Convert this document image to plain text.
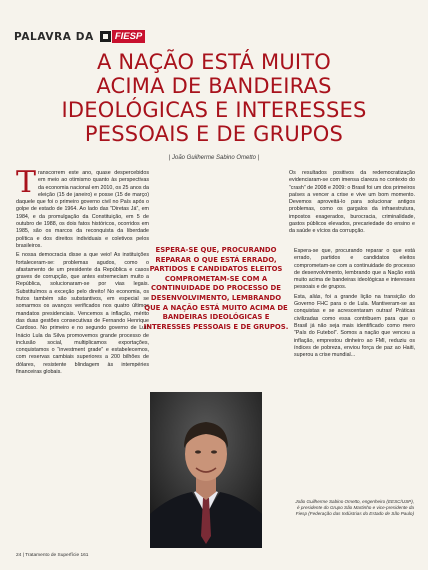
PALAVRA DA	FIESP
A NAÇÃO ESTÁ MUITO
ACIMA DE BANDEIRAS
IDEOLÓGICAS E INTERESSES
PESSOAIS E DE GRUPOS
| João Guilherme Sabino Ometto |
T ranscorrem este ano, quase despercebidos em meio ao otimismo quanto às perspectivas da economia nacional em 2010, os 25 anos da eleição (15 de janeiro) e posse (15 de março) daquele que foi o primeiro governo civil no País após o golpe de estado de 1964. Ao lado das “Diretas Já”, em 1984, e da promulgação da Constituição, em 5 de outubro de 1988, os dois fatos históricos, ocorridos em 1985, são os marcos da reconquista da liberdade política e dos direitos individuais e coletivos pelos brasileiros.

E nossa democracia disse a que veio! As instituições fortaleceram-se: problemas agudos, como o afastamento de um presidente da República e casos graves de corrupção, que antes estremeciam muito a República, solucionaram-se por vias legais. Substituímos a exceção pelo direito! No economia, os frutos também são substantivos, em especial se somarmos os avanços verificados nos quatro últimos mandatos presidenciais. Vencemos a inflação, mérito das duas gestões consecutivas de Fernando Henrique Cardoso. No primeiro e no segundo governo de Luiz Inácio Lula da Silva promovemos grande processo de inclusão social, multiplicamos exportações, conquistamos o “investment grade” e estabelecemos, com reservas cambiais superiores a 200 bilhões de dólares, resistente blindagem às intempéries financeiras globais.

Os resultados positivos da redemocratização evidenciaram-se com imensa clareza no contexto do “crash” de 2008 e 2009: o Brasil foi um dos primeiros países a vencer a crise e vive um bom momento. Devemos aproveitá-lo para solucionar antigos problemas, como os gargalos da infraestrutura, impostos exagerados, burocracia, criminalidade, gastos públicos elevados, precariedade do ensino e da saúde e vícios da corrupção.
ESPERA-SE QUE, PROCURANDO REPARAR O QUE ESTÁ ERRADO, PARTIDOS E CANDIDATOS ELEITOS COMPROMETAM-SE COM A CONTINUIDADE DO PROCESSO DE DESENVOLVIMENTO, LEMBRANDO QUE A NAÇÃO ESTÁ MUITO ACIMA DE BANDEIRAS IDEOLÓGICAS E INTERESSES PESSOAIS E DE GRUPOS.

Espera-se que, procurando reparar o que está errado, partidos e candidatos eleitos comprometam-se com a continuidade do processo de desenvolvimento, lembrando que a Nação está muito acima de bandeiras ideológicas e interesses pessoais e de grupos.

Esta, aliás, foi a grande lição na transição do Governo FHC para o de Lula. Mantiveram-se as conquistas e se acrescentaram outras! Práticas civilizadas como essa contribuem para que o Brasil já não seja mais identificado como mero “País do Futebol”. Somos a nação que venceu a inflação, emprestou dinheiro ao FMI, reduziu os índices de pobreza, enviou força de paz ao Haiti, superou a crise mundial...

João Guilherme Sabino Ometto, engenheiro (EESC/USP), é presidente do Grupo São Martinho e vice-presidente da Fiesp (Federação das Indústrias do Estado de São Paulo)
24 | Tratamento de Superfície 161
